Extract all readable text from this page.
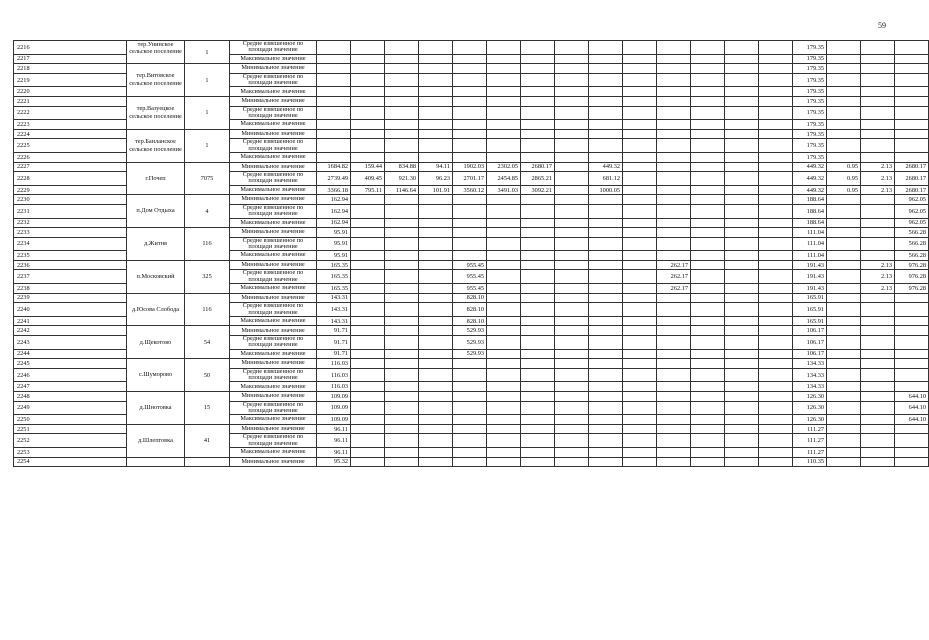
59
2216	тер.Унинское сельское поселение	1	Средне взвешенное по площади значение															179.35			
2217			Максимальное значение															179.35			
2218	тер.Витовское сельское поселение	1	Минимальное значение															179.35			
2219			Средне взвешенное по площади значение															179.35			
2220			Максимальное значение															179.35			
2221	тер.Вазуецкое сельское поселение	1	Минимальное значение															179.35			
2222			Средне взвешенное по площади значение															179.35			
2223			Максимальное значение															179.35			
2224	тер.Банланское сельское поселение	1	Минимальное значение															179.35			
2225			Средне взвешенное по площади значение															179.35			
2226			Максимальное значение															179.35			
2227	г.Почеп	7075	Минимальное значение	1684.82	159.44	834.88	94.11	1902.03	2302.05	2680.17		449.32						449.32	0.95	2.13	2680.17
2228			Средне взвешенное по площади значение	2739.49	409.45	921.30	96.23	2701.17	2454.85	2865.21		681.12						449.32	0.95	2.13	2680.17
2229			Максимальное значение	3366.18	795.11	1146.64	101.91	3560.12	3491.03	3092.21		1000.05						449.32	0.95	2.13	2680.17
2230	п.Дом Отдыха	4	Минимальное значение	162.94														188.64			962.05
2231			Средне взвешенное по площади значение	162.94														188.64			962.05
2232			Максимальное значение	162.94														188.64			962.05
2233	д.Житня	116	Минимальное значение	95.91														111.04			566.28
2234			Средне взвешенное по площади значение	95.91														111.04			566.28
2235			Максимальное значение	95.91														111.04			566.28
2236	п.Московский	325	Минимальное значение	165.35				955.45						262.17				191.43		2.13	976.28
2237			Средне взвешенное по площади значение	165.35				955.45						262.17				191.43		2.13	976.28
2238			Максимальное значение	165.35				955.45						262.17				191.43		2.13	976.28
2239	д.Юсова Слобода	116	Минимальное значение	143.31				828.10										165.91			
2240			Средне взвешенное по площади значение	143.31				828.10										165.91			
2241			Максимальное значение	143.31				828.10										165.91			
2242	д.Щекотово	54	Минимальное значение	91.71				529.93										106.17			
2243			Средне взвешенное по площади значение	91.71				529.93										106.17			
2244			Максимальное значение	91.71				529.93										106.17			
2245	с.Шуморово	50	Минимальное значение	116.03														134.33			
2246			Средне взвешенное по площади значение	116.03														134.33			
2247			Максимальное значение	116.03														134.33			
2248	д.Шнотовка	15	Минимальное значение	109.09														126.30			644.10
2249			Средне взвешенное по площади значение	109.09														126.30			644.10
2250			Максимальное значение	109.09														126.30			644.10
2251	д.Шлепговка	41	Минимальное значение	96.11														111.27			
2252			Средне взвешенное по площади значение	96.11														111.27			
2253			Максимальное значение	96.11														111.27			
2254			Минимальное значение	95.32														110.35			
